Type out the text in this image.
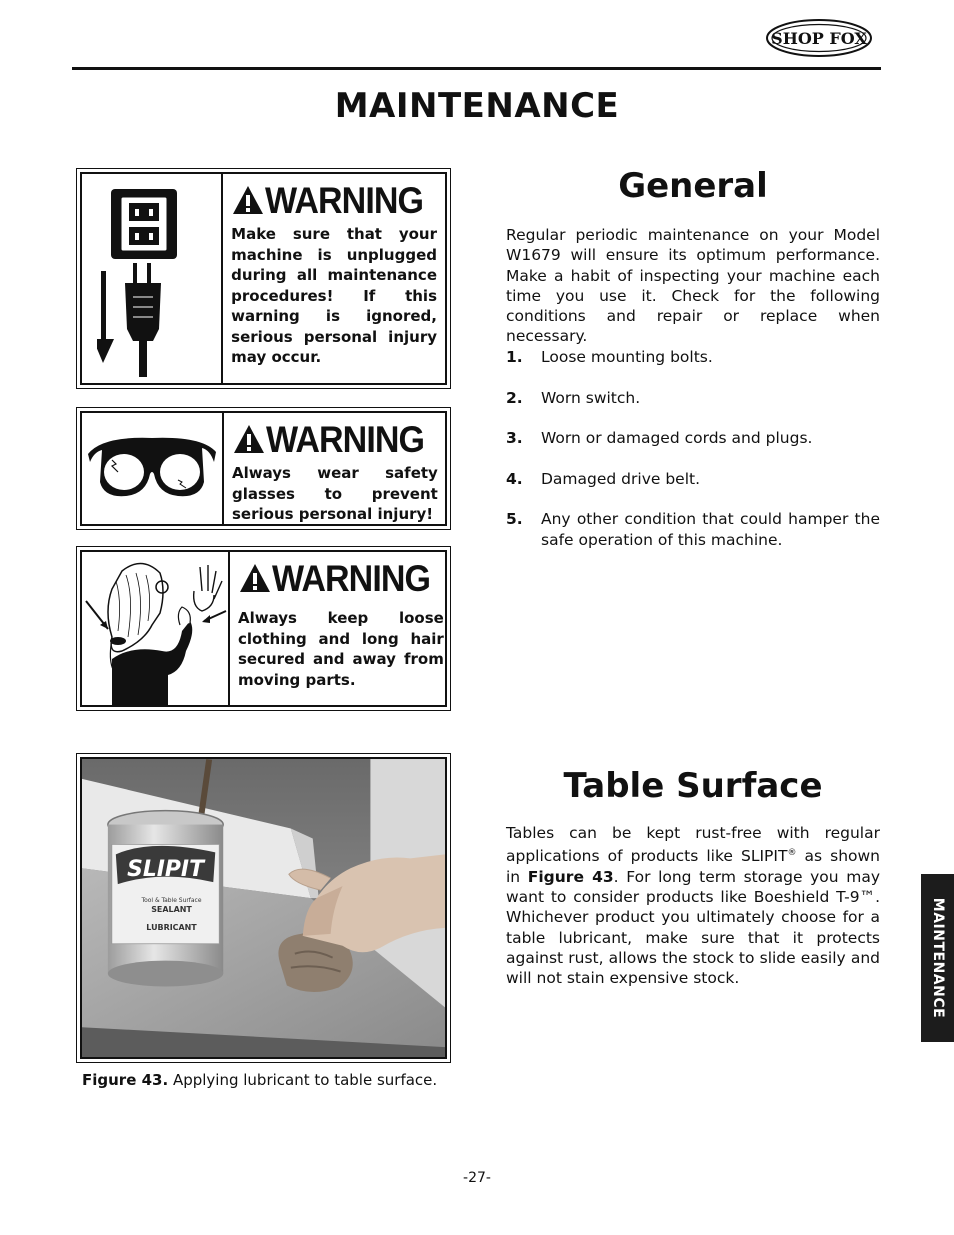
SHOP FOX
MAINTENANCE
WARNING
Make sure that your machine is unplugged during all maintenance procedures! If this warning is ignored, serious personal injury may occur.
WARNING
Always wear safety glasses to prevent serious personal injury!
WARNING
Always keep loose clothing and long hair secured and away from moving parts.
General
Regular periodic maintenance on your Model W1679 will ensure its optimum performance. Make a habit of inspecting your machine each time you use it. Check for the following conditions and repair or replace when necessary.
1.	Loose mounting bolts.
2.	Worn switch.
3.	Worn or damaged cords and plugs.
4.	Damaged drive belt.
5.	Any other condition that could hamper the safe operation of this machine.
SLIPIT
Tool & Table Surface
SEALANT
LUBRICANT
Figure 43. Applying lubricant to table surface.
Table Surface
Tables can be kept rust-free with regular applications of products like SLIPIT® as shown in Figure 43. For long term storage you may want to consider products like Boeshield T-9™. Whichever product you ultimately choose for a table lubricant, make sure that it protects against rust, allows the stock to slide easily and will not stain expensive stock.	MAINTENANCE
-27-
